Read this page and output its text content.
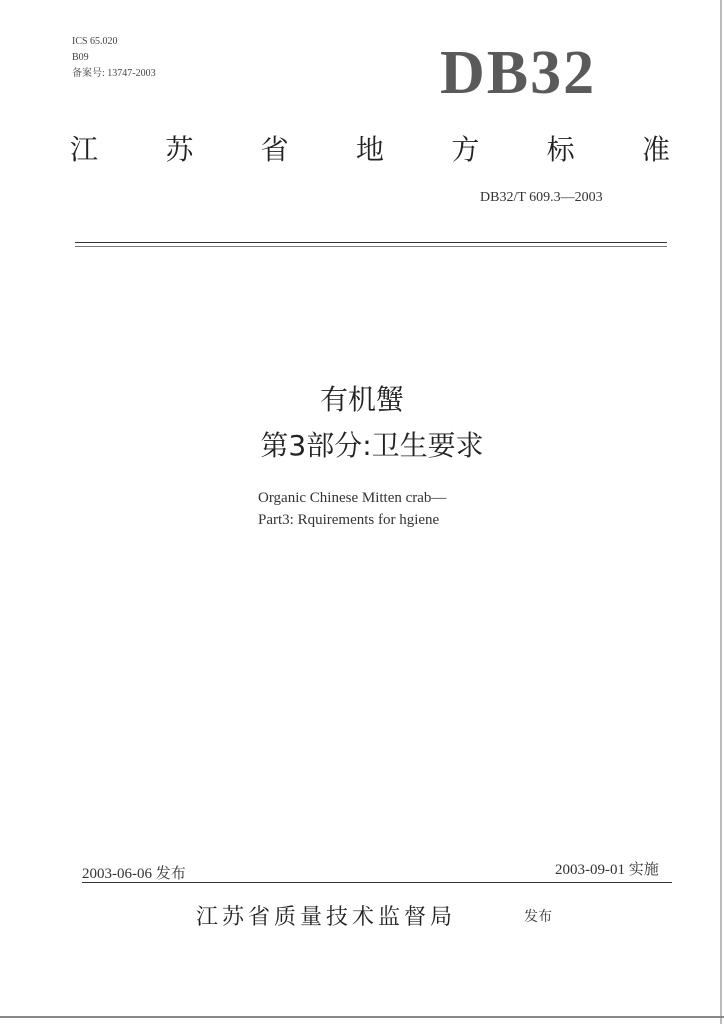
ICS 65.020
B09
备案号: 13747-2003	DB32
江 苏 省 地 方 标 准
DB32/T 609.3—2003
有机蟹
第3部分:卫生要求
Organic Chinese Mitten crab—
Part3: Rquirements for hgiene
2003-06-06 发布	2003-09-01 实施
江苏省质量技术监督局	发布
